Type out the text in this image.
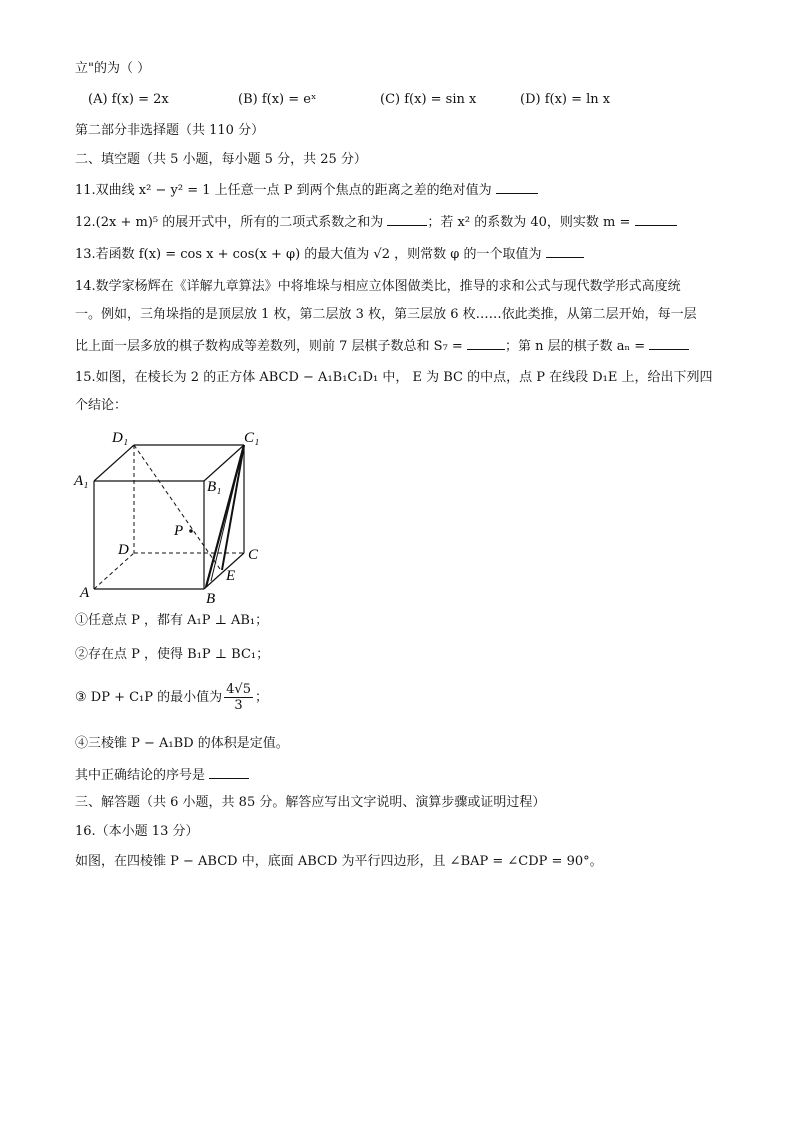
立"的为（ ）
(A) f(x) = 2x	(B) f(x) = eˣ	(C) f(x) = sin x	(D) f(x) = ln x
第二部分非选择题（共 110 分）
二、填空题（共 5 小题，每小题 5 分，共 25 分）
11.双曲线 x² − y² = 1 上任意一点 P 到两个焦点的距离之差的绝对值为
12.(2x + m)⁵ 的展开式中，所有的二项式系数之和为	；若 x² 的系数为 40，则实数 m =
13.若函数 f(x) = cos x + cos(x + φ) 的最大值为 √2 ，则常数 φ 的一个取值为
14.数学家杨辉在《详解九章算法》中将堆垛与相应立体图做类比，推导的求和公式与现代数学形式高度统
一。例如，三角垛指的是顶层放 1 枚，第二层放 3 枚，第三层放 6 枚……依此类推，从第二层开始，每一层
比上面一层多放的棋子数构成等差数列，则前 7 层棋子数总和 S₇ =	；第 n 层的棋子数 aₙ =
15.如图，在棱长为 2 的正方体 ABCD − A₁B₁C₁D₁ 中， E 为 BC 的中点，点 P 在线段 D₁E 上，给出下列四
个结论：
D₁	C₁
A₁	B₁
P
D	C
E
A	B
①任意点 P ，都有 A₁P ⊥ AB₁；
②存在点 P ，使得 B₁P ⊥ BC₁；
③ DP + C₁P 的最小值为 $\frac{4√5}{3}$ ；
④三棱锥 P − A₁BD 的体积是定值。
其中正确结论的序号是
三、解答题（共 6 小题，共 85 分。解答应写出文字说明、演算步骤或证明过程）
16.（本小题 13 分）
如图，在四棱锥 P − ABCD 中，底面 ABCD 为平行四边形，且 ∠BAP = ∠CDP = 90°。
